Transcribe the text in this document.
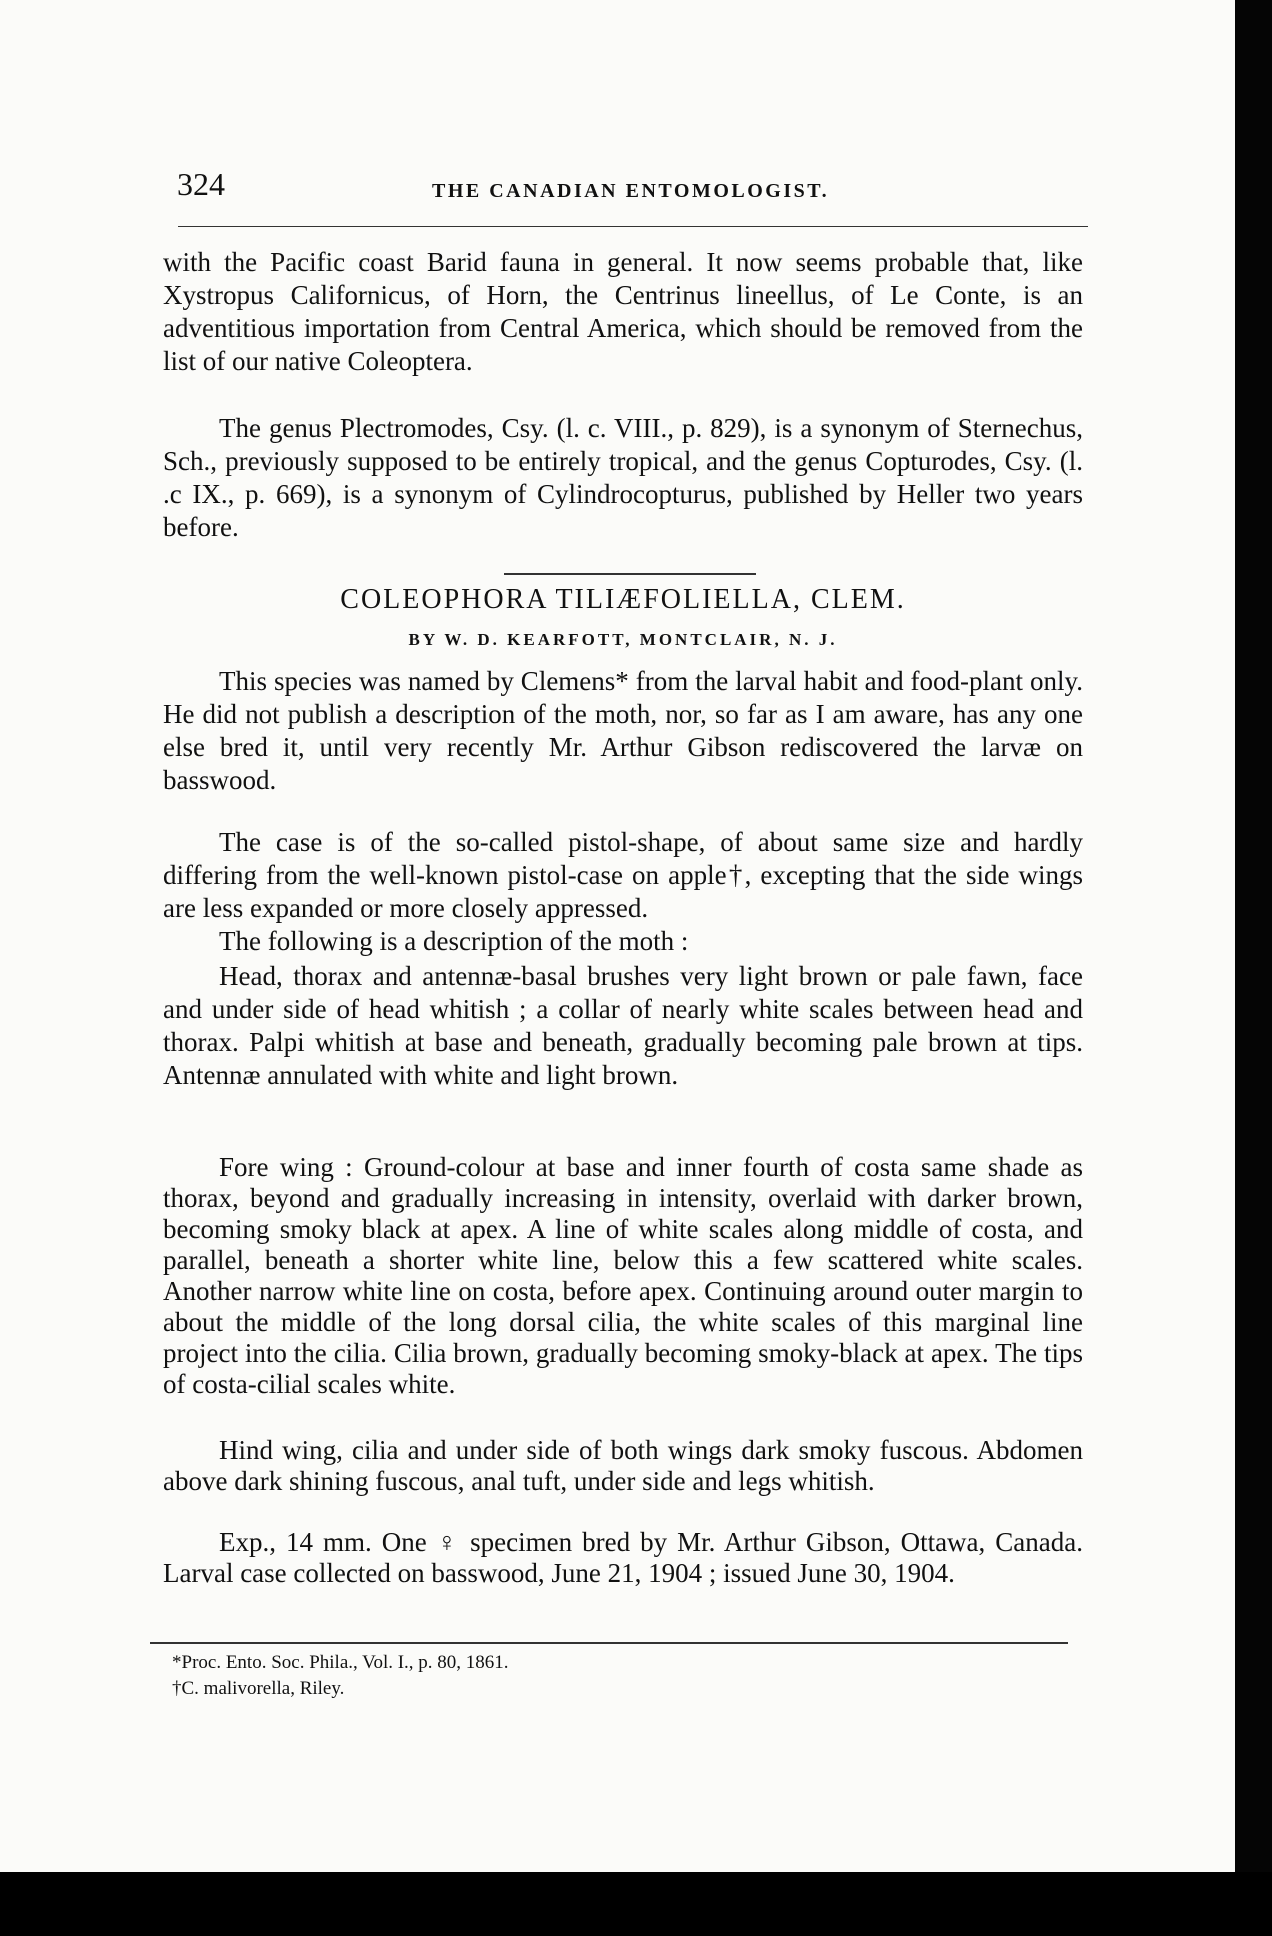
324	THE CANADIAN ENTOMOLOGIST.

with the Pacific coast Barid fauna in general. It now seems probable that, like Xystropus Californicus, of Horn, the Centrinus lineellus, of Le Conte, is an adventitious importation from Central America, which should be removed from the list of our native Coleoptera.

The genus Plectromodes, Csy. (l. c. VIII., p. 829), is a synonym of Sternechus, Sch., previously supposed to be entirely tropical, and the genus Copturodes, Csy. (l. .c IX., p. 669), is a synonym of Cylindrocopturus, published by Heller two years before.

COLEOPHORA TILIÆFOLIELLA, CLEM.
BY W. D. KEARFOTT, MONTCLAIR, N. J.

This species was named by Clemens* from the larval habit and food-plant only. He did not publish a description of the moth, nor, so far as I am aware, has any one else bred it, until very recently Mr. Arthur Gibson rediscovered the larvæ on basswood.

The case is of the so-called pistol-shape, of about same size and hardly differing from the well-known pistol-case on apple†, excepting that the side wings are less expanded or more closely appressed.

The following is a description of the moth :

Head, thorax and antennæ-basal brushes very light brown or pale fawn, face and under side of head whitish ; a collar of nearly white scales between head and thorax. Palpi whitish at base and beneath, gradually becoming pale brown at tips. Antennæ annulated with white and light brown.

Fore wing : Ground-colour at base and inner fourth of costa same shade as thorax, beyond and gradually increasing in intensity, overlaid with darker brown, becoming smoky black at apex. A line of white scales along middle of costa, and parallel, beneath a shorter white line, below this a few scattered white scales. Another narrow white line on costa, before apex. Continuing around outer margin to about the middle of the long dorsal cilia, the white scales of this marginal line project into the cilia. Cilia brown, gradually becoming smoky-black at apex. The tips of costa-cilial scales white.

Hind wing, cilia and under side of both wings dark smoky fuscous. Abdomen above dark shining fuscous, anal tuft, under side and legs whitish.

Exp., 14 mm. One ♀ specimen bred by Mr. Arthur Gibson, Ottawa, Canada. Larval case collected on basswood, June 21, 1904 ; issued June 30, 1904.

*Proc. Ento. Soc. Phila., Vol. I., p. 80, 1861.
†C. malivorella, Riley.
